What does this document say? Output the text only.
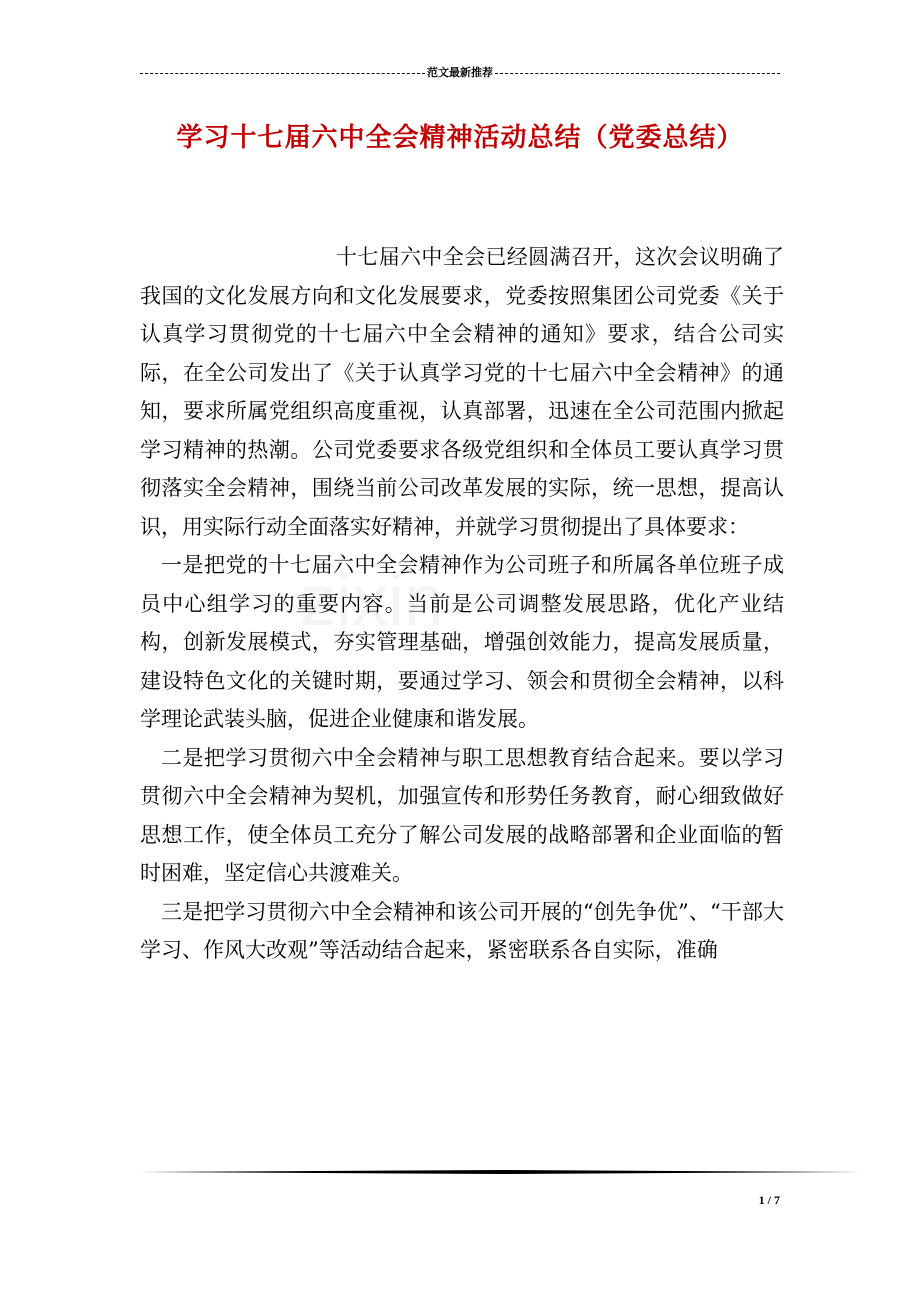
范文最新推荐
学习十七届六中全会精神活动总结（党委总结）

十七届六中全会已经圆满召开，这次会议明确了我国的文化发展方向和文化发展要求，党委按照集团公司党委《关于认真学习贯彻党的十七届六中全会精神的通知》要求，结合公司实际，在全公司发出了《关于认真学习党的十七届六中全会精神》的通知，要求所属党组织高度重视，认真部署，迅速在全公司范围内掀起学习精神的热潮。公司党委要求各级党组织和全体员工要认真学习贯彻落实全会精神，围绕当前公司改革发展的实际，统一思想，提高认识，用实际行动全面落实好精神，并就学习贯彻提出了具体要求：

一是把党的十七届六中全会精神作为公司班子和所属各单位班子成员中心组学习的重要内容。当前是公司调整发展思路，优化产业结构，创新发展模式，夯实管理基础，增强创效能力，提高发展质量，建设特色文化的关键时期，要通过学习、领会和贯彻全会精神，以科学理论武装头脑，促进企业健康和谐发展。

二是把学习贯彻六中全会精神与职工思想教育结合起来。要以学习贯彻六中全会精神为契机，加强宣传和形势任务教育，耐心细致做好思想工作，使全体员工充分了解公司发展的战略部署和企业面临的暂时困难，坚定信心共渡难关。

三是把学习贯彻六中全会精神和该公司开展的“创先争优”、“干部大学习、作风大改观”等活动结合起来，紧密联系各自实际，准确

1 / 7
